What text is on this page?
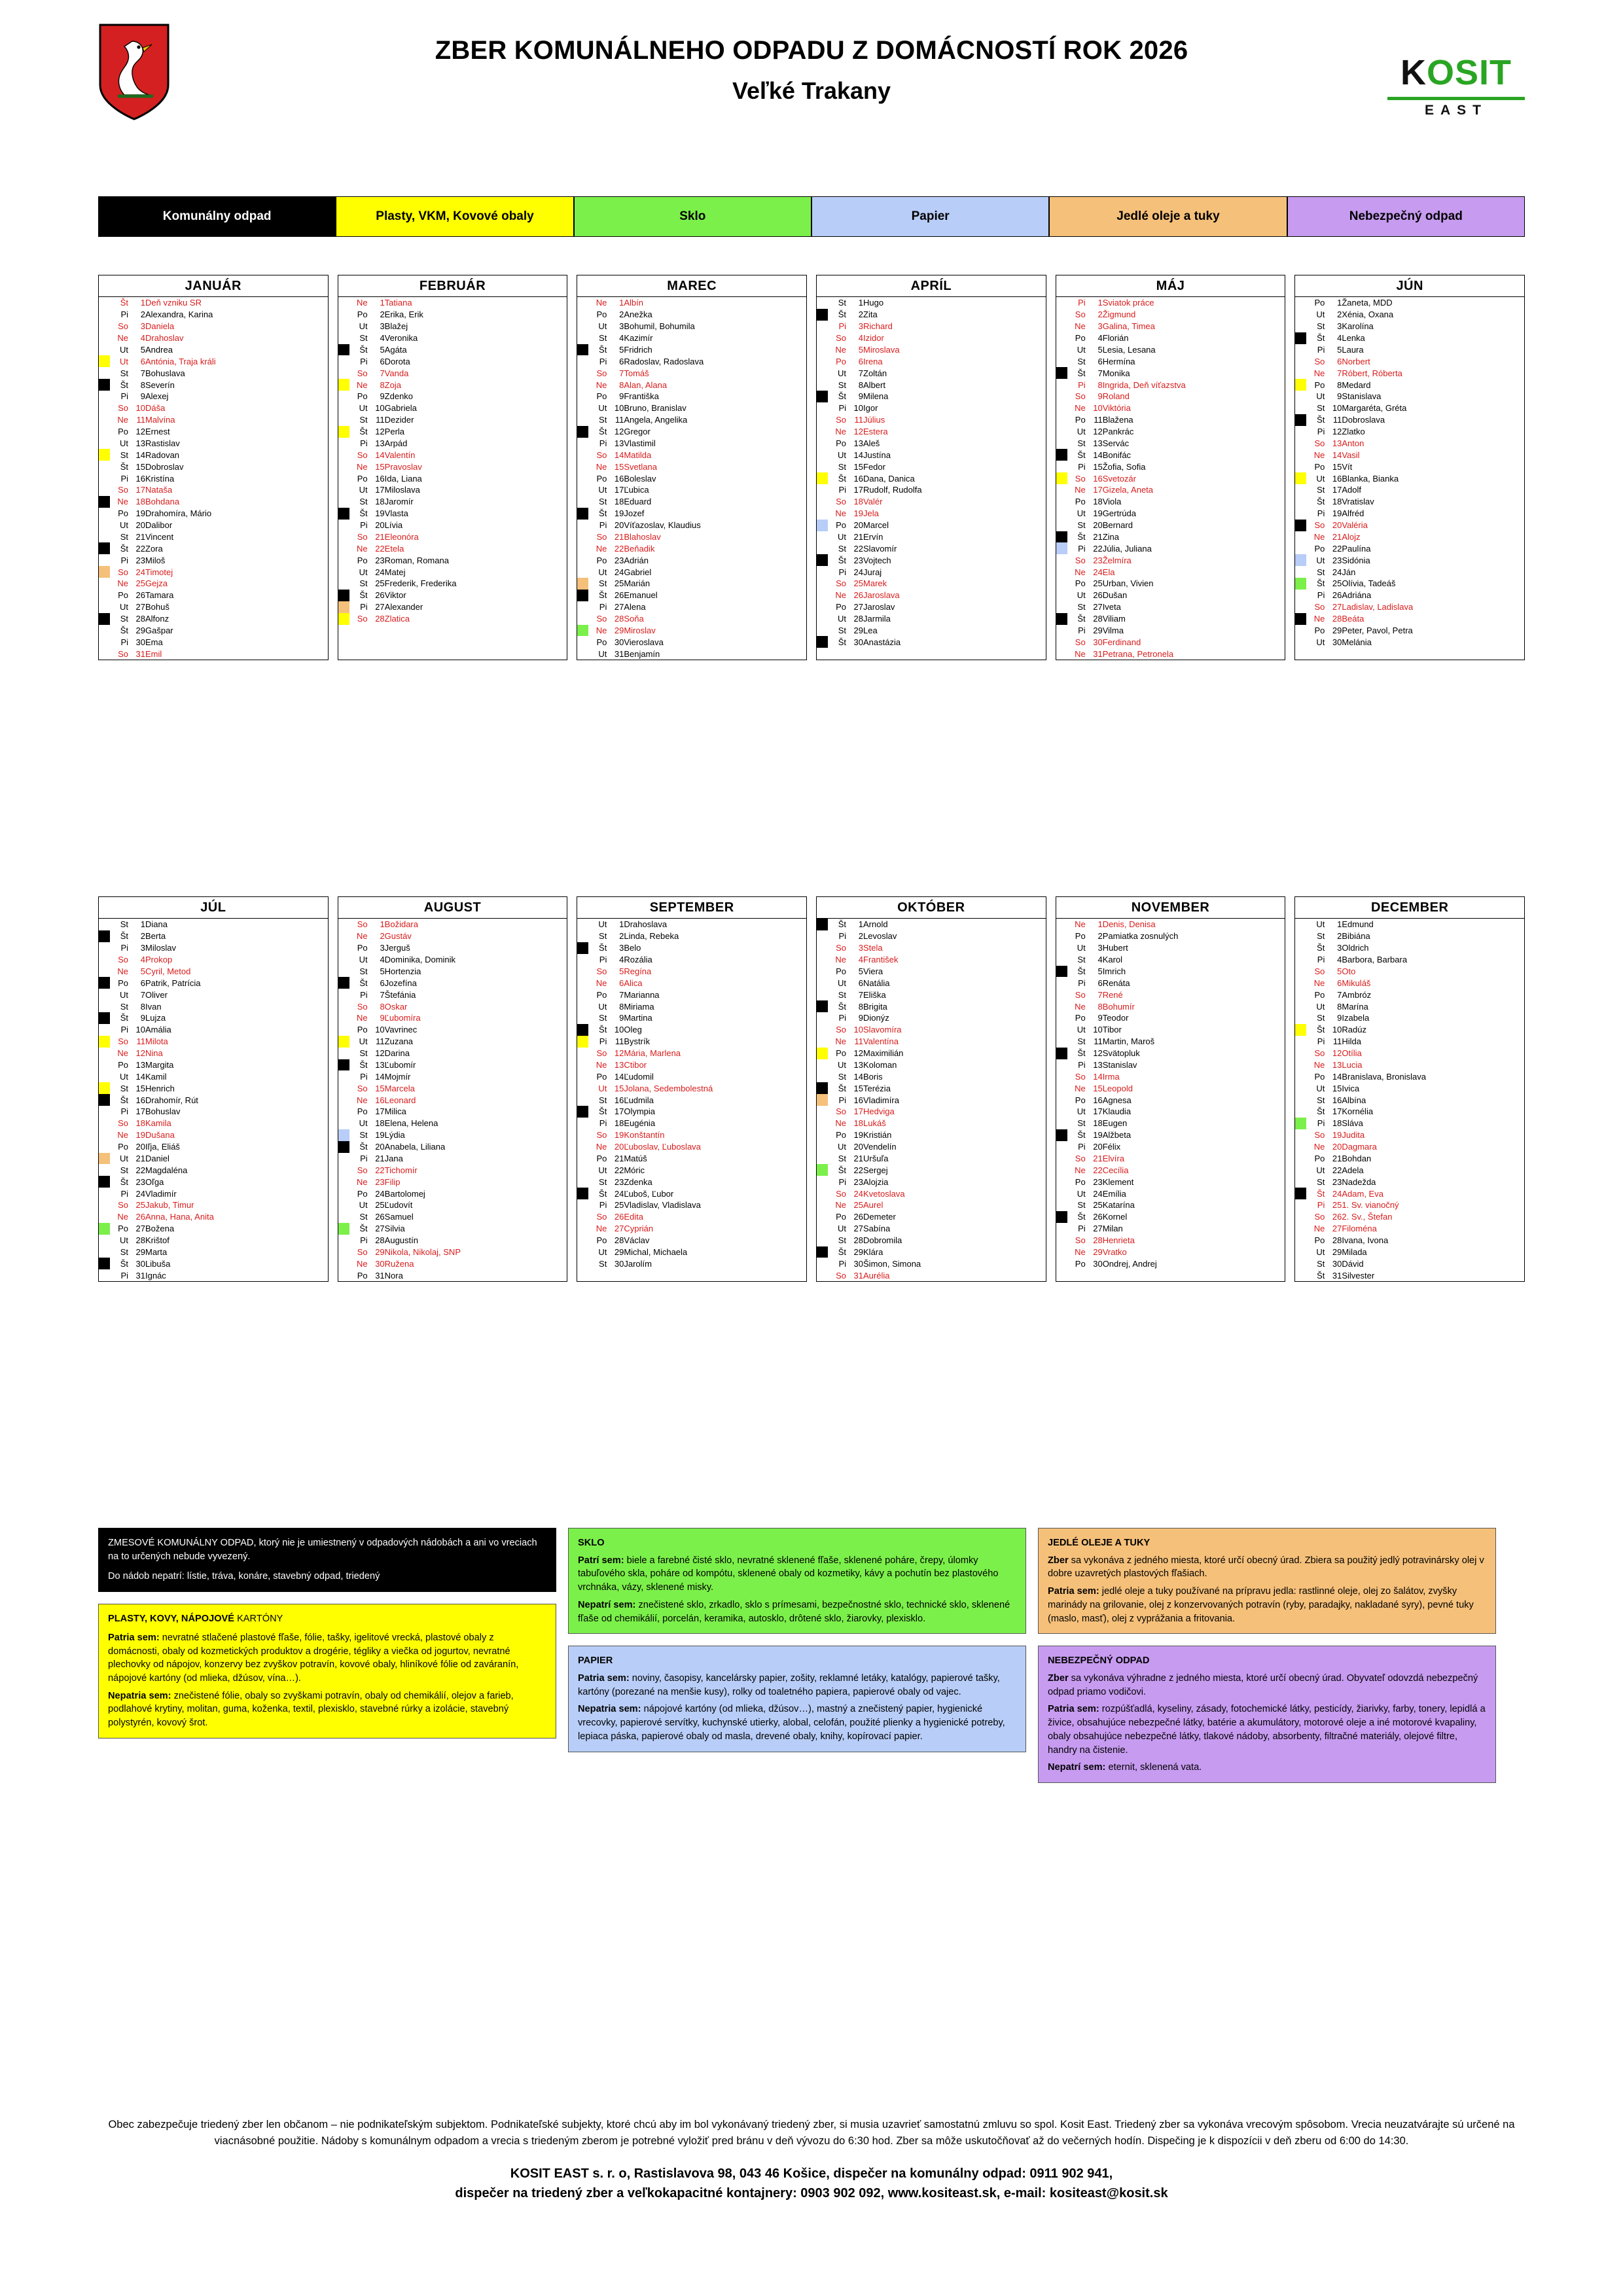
ZBER KOMUNÁLNEHO ODPADU Z DOMÁCNOSTÍ ROK 2026
Veľké Trakany	KOSIT
EAST
Komunálny odpad	Plasty, VKM, Kovové obaly	Sklo	Papier	Jedlé oleje a tuky	Nebezpečný odpad
JANUÁR
	Št	1	Deň vzniku SR
	Pi	2	Alexandra, Karina
	So	3	Daniela
	Ne	4	Drahoslav
	Ut	5	Andrea
	Ut	6	Antónia, Traja králi
	St	7	Bohuslava
	Št	8	Severín
	Pi	9	Alexej
	So	10	Dáša
	Ne	11	Malvína
	Po	12	Ernest
	Ut	13	Rastislav
	St	14	Radovan
	Št	15	Dobroslav
	Pi	16	Kristína
	So	17	Nataša
	Ne	18	Bohdana
	Po	19	Drahomíra, Mário
	Ut	20	Dalibor
	St	21	Vincent
	Št	22	Zora
	Pi	23	Miloš
	So	24	Timotej
	Ne	25	Gejza
	Po	26	Tamara
	Ut	27	Bohuš
	St	28	Alfonz
	Št	29	Gašpar
	Pi	30	Ema
	So	31	Emil
FEBRUÁR
	Ne	1	Tatiana
	Po	2	Erika, Erik
	Ut	3	Blažej
	St	4	Veronika
	Št	5	Agáta
	Pi	6	Dorota
	So	7	Vanda
	Ne	8	Zoja
	Po	9	Zdenko
	Ut	10	Gabriela
	St	11	Dezider
	Št	12	Perla
	Pi	13	Arpád
	So	14	Valentín
	Ne	15	Pravoslav
	Po	16	Ida, Liana
	Ut	17	Miloslava
	St	18	Jaromír
	Št	19	Vlasta
	Pi	20	Lívia
	So	21	Eleonóra
	Ne	22	Etela
	Po	23	Roman, Romana
	Ut	24	Matej
	St	25	Frederik, Frederika
	Št	26	Viktor
	Pi	27	Alexander
	So	28	Zlatica
MAREC
	Ne	1	Albín
	Po	2	Anežka
	Ut	3	Bohumil, Bohumila
	St	4	Kazimír
	Št	5	Fridrich
	Pi	6	Radoslav, Radoslava
	So	7	Tomáš
	Ne	8	Alan, Alana
	Po	9	Františka
	Ut	10	Bruno, Branislav
	St	11	Angela, Angelika
	Št	12	Gregor
	Pi	13	Vlastimil
	So	14	Matilda
	Ne	15	Svetlana
	Po	16	Boleslav
	Ut	17	Ľubica
	St	18	Eduard
	Št	19	Jozef
	Pi	20	Víťazoslav, Klaudius
	So	21	Blahoslav
	Ne	22	Beňadik
	Po	23	Adrián
	Ut	24	Gabriel
	St	25	Marián
	Št	26	Emanuel
	Pi	27	Alena
	So	28	Soňa
	Ne	29	Miroslav
	Po	30	Vieroslava
	Ut	31	Benjamín
APRÍL
	St	1	Hugo
	Št	2	Zita
	Pi	3	Richard
	So	4	Izidor
	Ne	5	Miroslava
	Po	6	Irena
	Ut	7	Zoltán
	St	8	Albert
	Št	9	Milena
	Pi	10	Igor
	So	11	Július
	Ne	12	Estera
	Po	13	Aleš
	Ut	14	Justína
	St	15	Fedor
	Št	16	Dana, Danica
	Pi	17	Rudolf, Rudolfa
	So	18	Valér
	Ne	19	Jela
	Po	20	Marcel
	Ut	21	Ervín
	St	22	Slavomír
	Št	23	Vojtech
	Pi	24	Juraj
	So	25	Marek
	Ne	26	Jaroslava
	Po	27	Jaroslav
	Ut	28	Jarmila
	St	29	Lea
	Št	30	Anastázia
MÁJ
	Pi	1	Sviatok práce
	So	2	Žigmund
	Ne	3	Galina, Timea
	Po	4	Florián
	Ut	5	Lesia, Lesana
	St	6	Hermína
	Št	7	Monika
	Pi	8	Ingrida, Deň víťazstva
	So	9	Roland
	Ne	10	Viktória
	Po	11	Blažena
	Ut	12	Pankrác
	St	13	Servác
	Št	14	Bonifác
	Pi	15	Žofia, Sofia
	So	16	Svetozár
	Ne	17	Gizela, Aneta
	Po	18	Viola
	Ut	19	Gertrúda
	St	20	Bernard
	Št	21	Zina
	Pi	22	Júlia, Juliana
	So	23	Želmíra
	Ne	24	Ela
	Po	25	Urban, Vivien
	Ut	26	Dušan
	St	27	Iveta
	Št	28	Viliam
	Pi	29	Vilma
	So	30	Ferdinand
	Ne	31	Petrana, Petronela
JÚN
	Po	1	Žaneta, MDD
	Ut	2	Xénia, Oxana
	St	3	Karolína
	Št	4	Lenka
	Pi	5	Laura
	So	6	Norbert
	Ne	7	Róbert, Róberta
	Po	8	Medard
	Ut	9	Stanislava
	St	10	Margaréta, Gréta
	Št	11	Dobroslava
	Pi	12	Zlatko
	So	13	Anton
	Ne	14	Vasil
	Po	15	Vít
	Ut	16	Blanka, Bianka
	St	17	Adolf
	Št	18	Vratislav
	Pi	19	Alfréd
	So	20	Valéria
	Ne	21	Alojz
	Po	22	Paulína
	Ut	23	Sidónia
	St	24	Ján
	Št	25	Olívia, Tadeáš
	Pi	26	Adriána
	So	27	Ladislav, Ladislava
	Ne	28	Beáta
	Po	29	Peter, Pavol, Petra
	Ut	30	Melánia
JÚL
	St	1	Diana
	Št	2	Berta
	Pi	3	Miloslav
	So	4	Prokop
	Ne	5	Cyril, Metod
	Po	6	Patrik, Patrícia
	Ut	7	Oliver
	St	8	Ivan
	Št	9	Lujza
	Pi	10	Amália
	So	11	Milota
	Ne	12	Nina
	Po	13	Margita
	Ut	14	Kamil
	St	15	Henrich
	Št	16	Drahomír, Rút
	Pi	17	Bohuslav
	So	18	Kamila
	Ne	19	Dušana
	Po	20	Iľja, Eliáš
	Ut	21	Daniel
	St	22	Magdaléna
	Št	23	Oľga
	Pi	24	Vladimír
	So	25	Jakub, Timur
	Ne	26	Anna, Hana, Anita
	Po	27	Božena
	Ut	28	Krištof
	St	29	Marta
	Št	30	Libuša
	Pi	31	Ignác
AUGUST
	So	1	Božidara
	Ne	2	Gustáv
	Po	3	Jerguš
	Ut	4	Dominika, Dominik
	St	5	Hortenzia
	Št	6	Jozefína
	Pi	7	Štefánia
	So	8	Oskar
	Ne	9	Ľubomíra
	Po	10	Vavrinec
	Ut	11	Zuzana
	St	12	Darina
	Št	13	Ľubomír
	Pi	14	Mojmír
	So	15	Marcela
	Ne	16	Leonard
	Po	17	Milica
	Ut	18	Elena, Helena
	St	19	Lýdia
	Št	20	Anabela, Liliana
	Pi	21	Jana
	So	22	Tichomír
	Ne	23	Filip
	Po	24	Bartolomej
	Ut	25	Ľudovít
	St	26	Samuel
	Št	27	Silvia
	Pi	28	Augustín
	So	29	Nikola, Nikolaj, SNP
	Ne	30	Ružena
	Po	31	Nora
SEPTEMBER
	Ut	1	Drahoslava
	St	2	Linda, Rebeka
	Št	3	Belo
	Pi	4	Rozália
	So	5	Regína
	Ne	6	Alica
	Po	7	Marianna
	Ut	8	Miriama
	St	9	Martina
	Št	10	Oleg
	Pi	11	Bystrík
	So	12	Mária, Marlena
	Ne	13	Ctibor
	Po	14	Ľudomil
	Ut	15	Jolana, Sedembolestná
	St	16	Ľudmila
	Št	17	Olympia
	Pi	18	Eugénia
	So	19	Konštantín
	Ne	20	Ľuboslav, Ľuboslava
	Po	21	Matúš
	Ut	22	Móric
	St	23	Zdenka
	Št	24	Ľuboš, Ľubor
	Pi	25	Vladislav, Vladislava
	So	26	Edita
	Ne	27	Cyprián
	Po	28	Václav
	Ut	29	Michal, Michaela
	St	30	Jarolím
OKTÓBER
	Št	1	Arnold
	Pi	2	Levoslav
	So	3	Stela
	Ne	4	František
	Po	5	Viera
	Ut	6	Natália
	St	7	Eliška
	Št	8	Brigita
	Pi	9	Dionýz
	So	10	Slavomíra
	Ne	11	Valentína
	Po	12	Maximilián
	Ut	13	Koloman
	St	14	Boris
	Št	15	Terézia
	Pi	16	Vladimíra
	So	17	Hedviga
	Ne	18	Lukáš
	Po	19	Kristián
	Ut	20	Vendelín
	St	21	Uršuľa
	Št	22	Sergej
	Pi	23	Alojzia
	So	24	Kvetoslava
	Ne	25	Aurel
	Po	26	Demeter
	Ut	27	Sabína
	St	28	Dobromila
	Št	29	Klára
	Pi	30	Šimon, Simona
	So	31	Aurélia
NOVEMBER
	Ne	1	Denis, Denisa
	Po	2	Pamiatka zosnulých
	Ut	3	Hubert
	St	4	Karol
	Št	5	Imrich
	Pi	6	Renáta
	So	7	René
	Ne	8	Bohumír
	Po	9	Teodor
	Ut	10	Tibor
	St	11	Martin, Maroš
	Št	12	Svätopluk
	Pi	13	Stanislav
	So	14	Irma
	Ne	15	Leopold
	Po	16	Agnesa
	Ut	17	Klaudia
	St	18	Eugen
	Št	19	Alžbeta
	Pi	20	Félix
	So	21	Elvíra
	Ne	22	Cecília
	Po	23	Klement
	Ut	24	Emília
	St	25	Katarína
	Št	26	Kornel
	Pi	27	Milan
	So	28	Henrieta
	Ne	29	Vratko
	Po	30	Ondrej, Andrej
DECEMBER
	Ut	1	Edmund
	St	2	Bibiána
	Št	3	Oldrich
	Pi	4	Barbora, Barbara
	So	5	Oto
	Ne	6	Mikuláš
	Po	7	Ambróz
	Ut	8	Marína
	St	9	Izabela
	Št	10	Radúz
	Pi	11	Hilda
	So	12	Otília
	Ne	13	Lucia
	Po	14	Branislava, Bronislava
	Ut	15	Ivica
	St	16	Albína
	Št	17	Kornélia
	Pi	18	Sláva
	So	19	Judita
	Ne	20	Dagmara
	Po	21	Bohdan
	Ut	22	Adela
	St	23	Nadežda
	Št	24	Adam, Eva
	Pi	25	1. Sv. vianočný
	So	26	2. Sv., Štefan
	Ne	27	Filoména
	Po	28	Ivana, Ivona
	Ut	29	Milada
	St	30	Dávid
	Št	31	Silvester
ZMESOVÉ KOMUNÁLNY ODPAD, ktorý nie je umiestnený v odpadových nádobách a ani vo vreciach na to určených nebude vyvezený.
Do nádob nepatrí: lístie, tráva, konáre, stavebný odpad, triedený
PLASTY, KOVY, NÁPOJOVÉ KARTÓNY
Patria sem: nevratné stlačené plastové fľaše, fólie, tašky, igelitové vrecká, plastové obaly z domácnosti, obaly od kozmetických produktov a drogérie, tégliky a viečka od jogurtov, nevratné plechovky od nápojov, konzervy bez zvyškov potravín, kovové obaly, hliníkové fólie od zaváranín, nápojové kartóny (od mlieka, džúsov, vína…).
Nepatria sem: znečistené fólie, obaly so zvyškami potravín, obaly od chemikálií, olejov a farieb, podlahové krytiny, molitan, guma, koženka, textil, plexisklo, stavebné rúrky a izolácie, stavebný polystyrén, kovový šrot.
SKLO
Patrí sem: biele a farebné čisté sklo, nevratné sklenené fľaše, sklenené poháre, črepy, úlomky tabuľového skla, poháre od kompótu, sklenené obaly od kozmetiky, kávy a pochutín bez plastového vrchnáka, vázy, sklenené misky.
Nepatrí sem: znečistené sklo, zrkadlo, sklo s prímesami, bezpečnostné sklo, technické sklo, sklenené fľaše od chemikálií, porcelán, keramika, autosklo, drôtené sklo, žiarovky, plexisklo.
PAPIER
Patria sem: noviny, časopisy, kancelársky papier, zošity, reklamné letáky, katalógy, papierové tašky, kartóny (porezané na menšie kusy), rolky od toaletného papiera, papierové obaly od vajec.
Nepatria sem: nápojové kartóny (od mlieka, džúsov…), mastný a znečistený papier, hygienické vrecovky, papierové servítky, kuchynské utierky, alobal, celofán, použité plienky a hygienické potreby, lepiaca páska, papierové obaly od masla, drevené obaly, knihy, kopírovací papier.
JEDLÉ OLEJE A TUKY
Zber sa vykonáva z jedného miesta, ktoré určí obecný úrad. Zbiera sa použitý jedlý potravinársky olej v dobre uzavretých plastových fľašiach.
Patria sem: jedlé oleje a tuky používané na prípravu jedla: rastlinné oleje, olej zo šalátov, zvyšky marinády na grilovanie, olej z konzervovaných potravín (ryby, paradajky, nakladané syry), pevné tuky (maslo, masť), olej z vyprážania a fritovania.
NEBEZPEČNÝ ODPAD
Zber sa vykonáva výhradne z jedného miesta, ktoré určí obecný úrad. Obyvateľ odovzdá nebezpečný odpad priamo vodičovi.
Patria sem: rozpúšťadlá, kyseliny, zásady, fotochemické látky, pesticídy, žiarivky, farby, tonery, lepidlá a živice, obsahujúce nebezpečné látky, batérie a akumulátory, motorové oleje a iné motorové kvapaliny, obaly obsahujúce nebezpečné látky, tlakové nádoby, absorbenty, filtračné materiály, olejové filtre, handry na čistenie.
Nepatrí sem: eternit, sklenená vata.
Obec zabezpečuje triedený zber len občanom – nie podnikateľským subjektom. Podnikateľské subjekty, ktoré chcú aby im bol vykonávaný triedený zber, si musia uzavrieť samostatnú zmluvu so spol. Kosit East. Triedený zber sa vykonáva vrecovým spôsobom. Vrecia neuzatvárajte sú určené na viacnásobné použitie. Nádoby s komunálnym odpadom a vrecia s triedeným zberom je potrebné vyložiť pred bránu v deň vývozu do 6:30 hod. Zber sa môže uskutočňovať až do večerných hodín. Dispečing je k dispozícii v deň zberu od 6:00 do 14:30.
KOSIT EAST s. r. o, Rastislavova 98, 043 46 Košice, dispečer na komunálny odpad: 0911 902 941,
dispečer na triedený zber a veľkokapacitné kontajnery: 0903 902 092, www.kositeast.sk, e-mail: kositeast@kosit.sk
